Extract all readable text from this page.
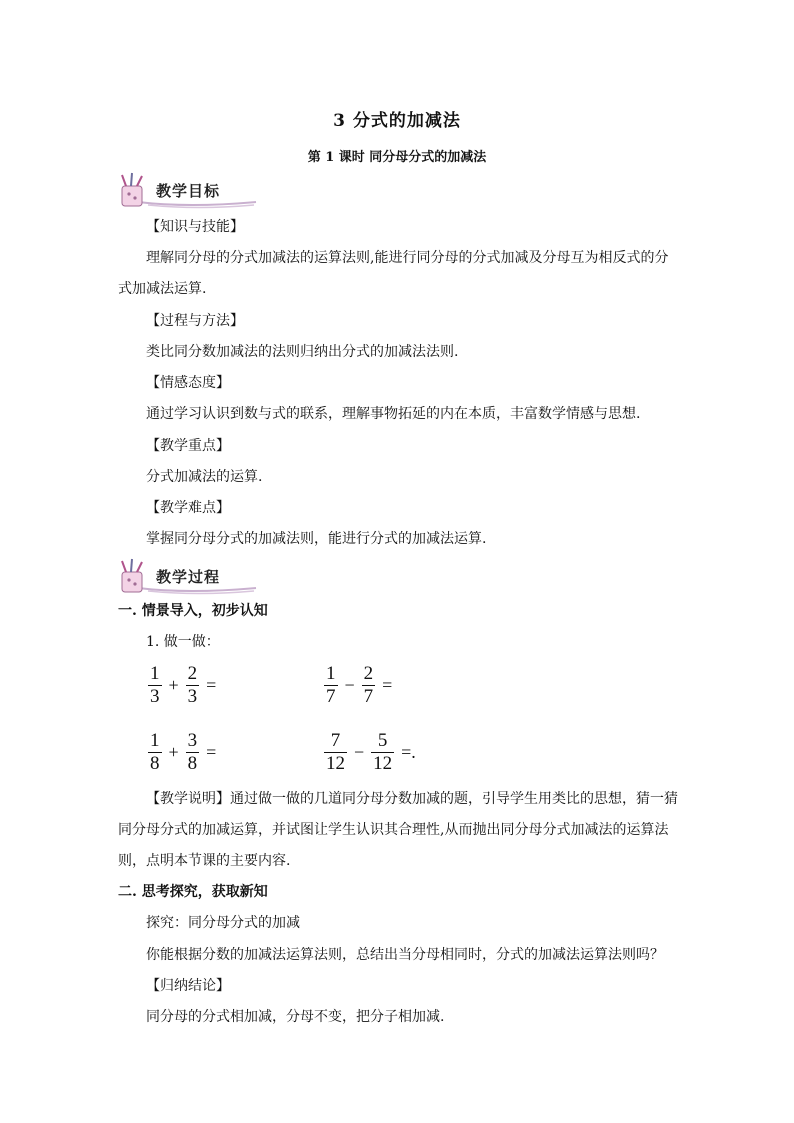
3 分式的加减法
第 1 课时 同分母分式的加减法
教学目标
【知识与技能】
理解同分母的分式加减法的运算法则,能进行同分母的分式加减及分母互为相反式的分
式加减法运算.
【过程与方法】
类比同分数加减法的法则归纳出分式的加减法法则.
【情感态度】
通过学习认识到数与式的联系，理解事物拓延的内在本质，丰富数学情感与思想.
【教学重点】
分式加减法的运算.
【教学难点】
掌握同分母分式的加减法则，能进行分式的加减法运算.
教学过程
一. 情景导入，初步认知
1. 做一做：
$\frac{1}{3} + \frac{2}{3}$ =	$\frac{1}{7} - \frac{2}{7}$ =
$\frac{1}{8} + \frac{3}{8}$ =	$\frac{7}{12} - \frac{5}{12}$ =.
【教学说明】通过做一做的几道同分母分数加减的题，引导学生用类比的思想，猜一猜
同分母分式的加减运算，并试图让学生认识其合理性,从而抛出同分母分式加减法的运算法
则，点明本节课的主要内容.
二. 思考探究，获取新知
探究：同分母分式的加减
你能根据分数的加减法运算法则，总结出当分母相同时，分式的加减法运算法则吗？
【归纳结论】
同分母的分式相加减，分母不变，把分子相加减.
